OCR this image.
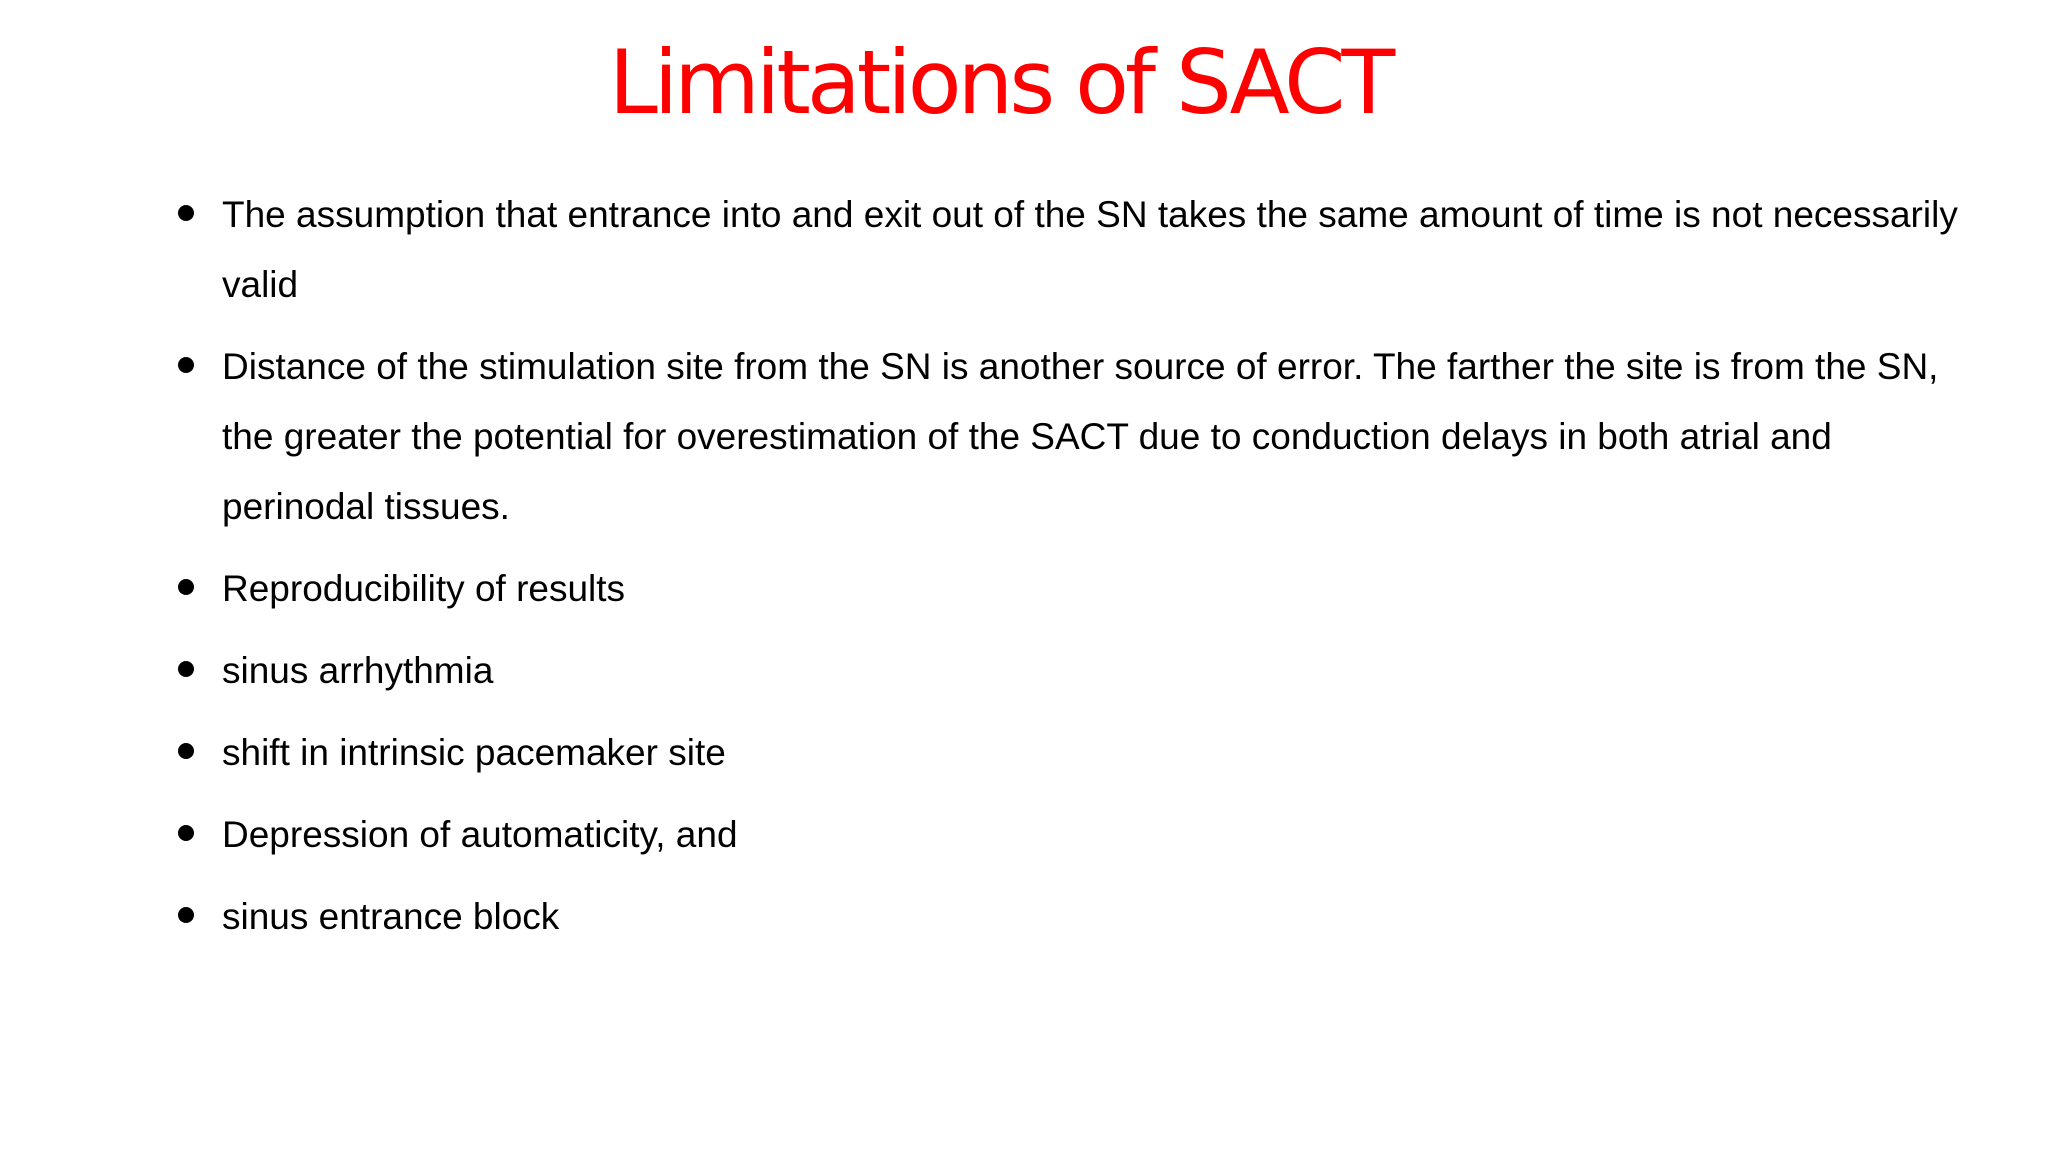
Limitations of SACT
The assumption that entrance into and exit out of the SN takes the same amount of time is not necessarily valid
Distance of the stimulation site from the SN is another source of error. The farther the site is from the SN, the greater the potential for overestimation of the SACT due to conduction delays in both atrial and perinodal tissues.
Reproducibility of results
sinus arrhythmia
shift in intrinsic pacemaker site
Depression of automaticity, and
sinus entrance block
